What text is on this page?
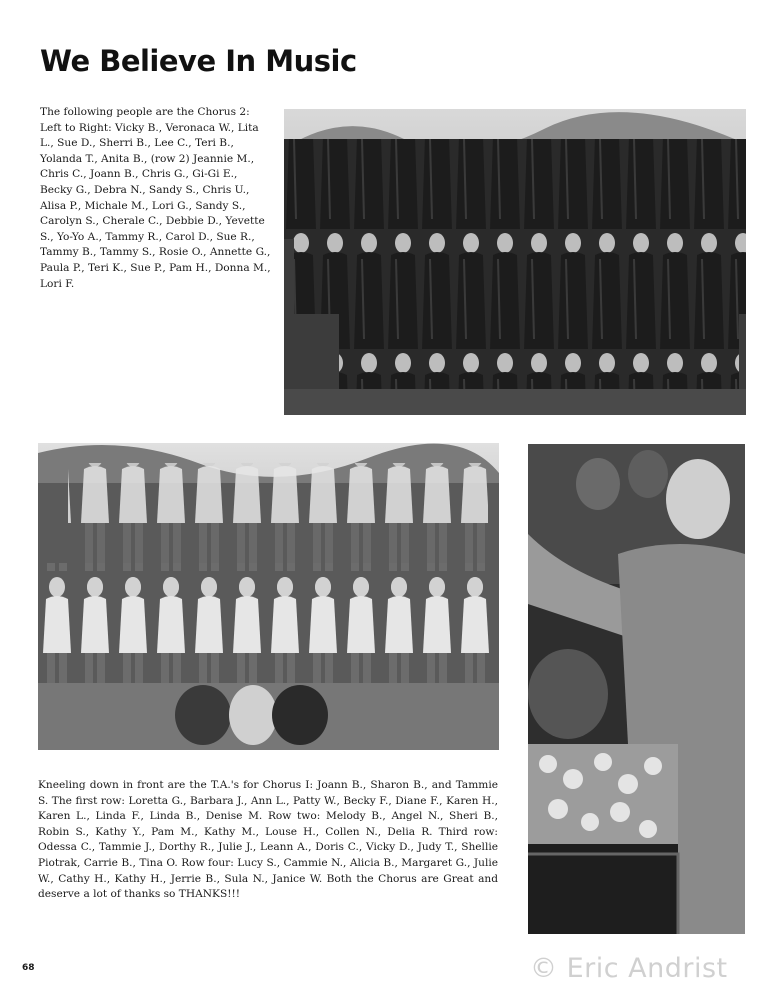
We Believe In Music

The following people are the Chorus 2: Left to Right: Vicky B., Veronaca W., Lita L., Sue D., Sherri B., Lee C., Teri B., Yolanda T., Anita B., (row 2) Jeannie M., Chris C., Joann B., Chris G., Gi-Gi E., Becky G., Debra N., Sandy S., Chris U., Alisa P., Michale M., Lori G., Sandy S., Carolyn S., Cherale C., Debbie D., Yevette S., Yo-Yo A., Tammy R., Carol D., Sue R., Tammy B., Tammy S., Rosie O., Annette G., Paula P., Teri K., Sue P., Pam H., Donna M., Lori F.

Kneeling down in front are the T.A.'s for Chorus I: Joann B., Sharon B., and Tammie S. The first row: Loretta G., Barbara J., Ann L., Patty W., Becky F., Diane F., Karen H., Karen L., Linda F., Linda B., Denise M. Row two: Melody B., Angel N., Sheri B., Robin S., Kathy Y., Pam M., Kathy M., Louse H., Collen N., Delia R. Third row: Odessa C., Tammie J., Dorthy R., Julie J., Leann A., Doris C., Vicky D., Judy T., Shellie Piotrak, Carrie B., Tina O. Row four: Lucy S., Cammie N., Alicia B., Margaret G., Julie W., Cathy H., Kathy H., Jerrie B., Sula N., Janice W. Both the Chorus are Great and deserve a lot of thanks so THANKS!!!

68	© Eric Andrist
